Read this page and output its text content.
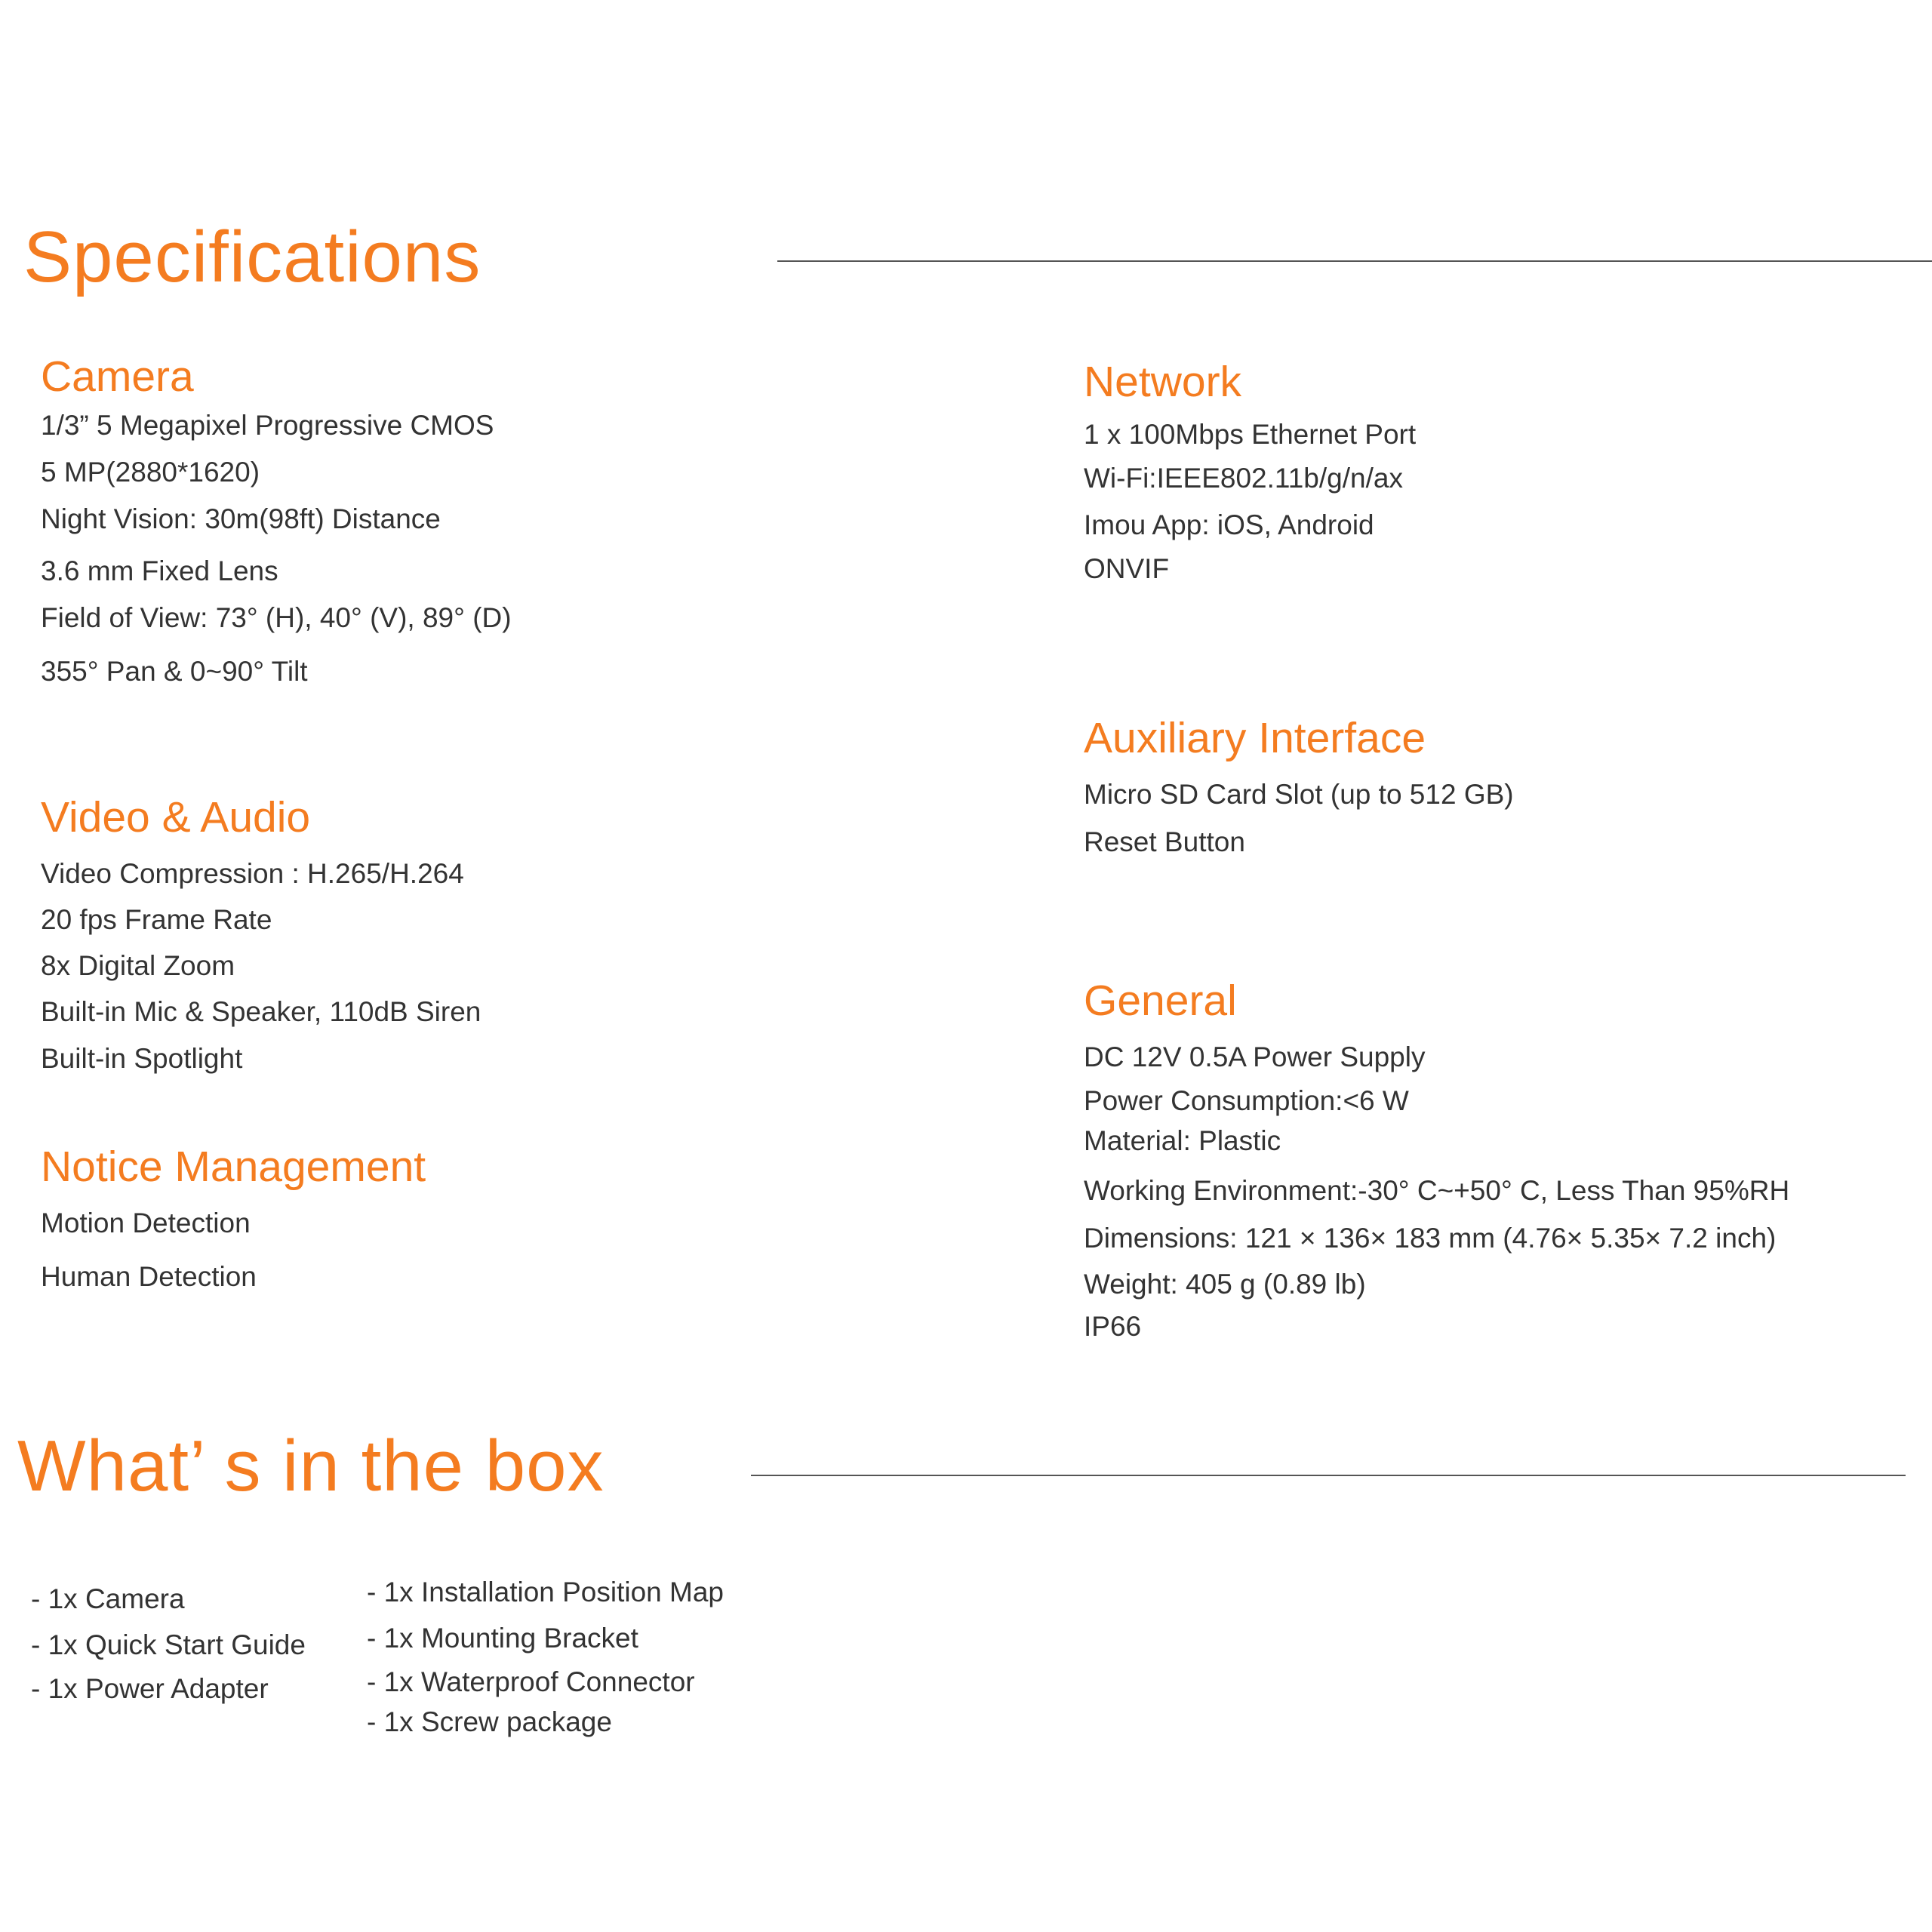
Specifications
Camera
1/3” 5 Megapixel Progressive CMOS
5 MP(2880*1620)
Night Vision: 30m(98ft) Distance
3.6 mm Fixed Lens
Field of View: 73° (H), 40° (V), 89° (D)
355° Pan & 0~90° Tilt
Video & Audio
Video Compression : H.265/H.264
20 fps Frame Rate
8x Digital Zoom
Built-in Mic & Speaker, 110dB Siren
Built-in Spotlight
Notice Management
Motion Detection
Human Detection
Network
1 x 100Mbps Ethernet Port
Wi-Fi:IEEE802.11b/g/n/ax
Imou App: iOS, Android
ONVIF
Auxiliary Interface
Micro SD Card Slot (up to 512 GB)
Reset Button
General
DC 12V 0.5A Power Supply
Power Consumption:<6 W
Material: Plastic
Working Environment:-30° C~+50° C, Less Than 95%RH
Dimensions: 121 × 136× 183 mm (4.76× 5.35× 7.2 inch)
Weight: 405 g (0.89 lb)
IP66
What’ s in the box
- 1x Camera
- 1x Quick Start Guide
- 1x Power Adapter
- 1x Installation Position Map
- 1x Mounting Bracket
- 1x Waterproof Connector
- 1x Screw package
